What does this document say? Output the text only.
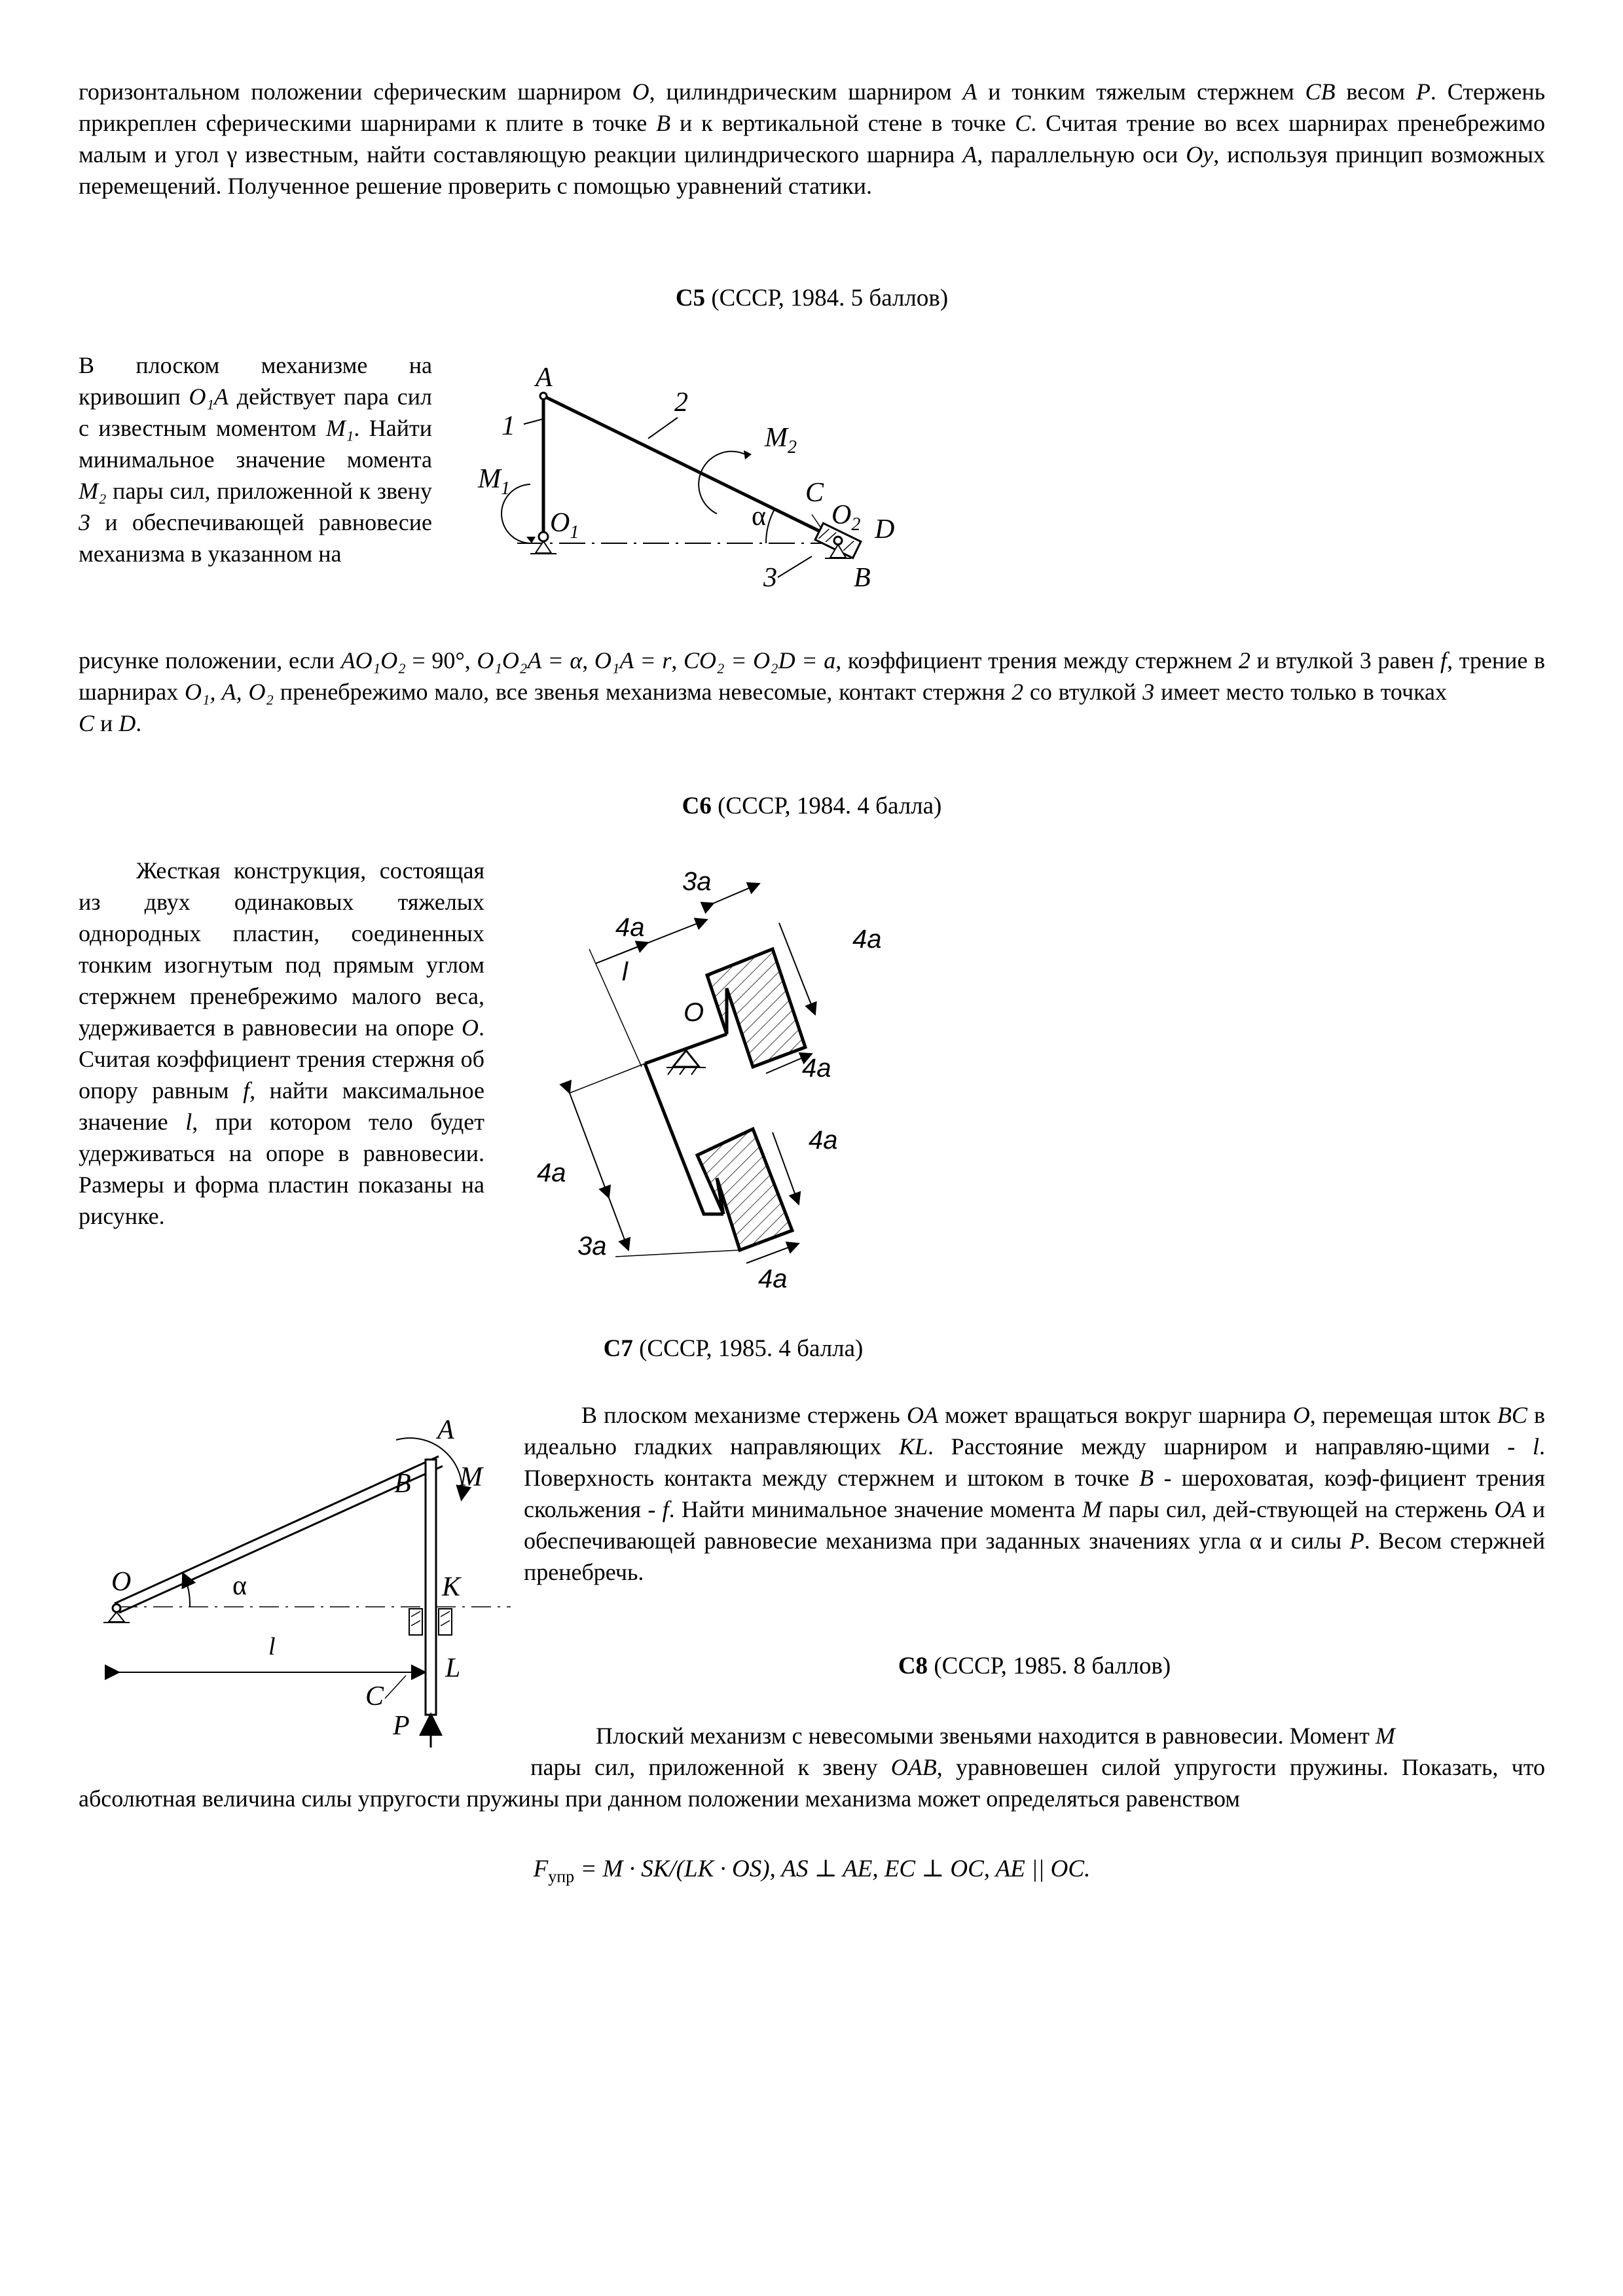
горизонтальном положении сферическим шарниром O, цилиндрическим шарниром A и тонким тяжелым стержнем CB весом P. Стержень прикреплен сферическими шарнирами к плите в точке B и к вертикальной стене в точке C. Считая трение во всех шарнирах пренебрежимо малым и угол γ известным, найти составляющую реакции цилиндрического шарнира A, параллельную оси Oy, используя принцип возможных перемещений. Полученное решение проверить с помощью уравнений статики.

С5 (СССР, 1984. 5 баллов)

В плоском механизме на кривошип O₁A действует пара сил с известным моментом M₁. Найти минимальное значение момента M₂ пары сил, приложенной к звену 3 и обеспечивающей равновесие механизма в указанном на

A
1
2
$M_1$
$M_2$
C
α
$O_1$
$O_2$ D
3	B

рисунке положении, если AO₁O₂ = 90°, O₁O₂A = α, O₁A = r, CO₂ = O₂D = a, коэффициент трения между стержнем 2 и втулкой 3 равен f, трение в шарнирах O₁, A, O₂ пренебрежимо мало, все звенья механизма невесомые, контакт стержня 2 со втулкой 3 имеет место только в точкахC и D.

С6 (СССР, 1984. 4 балла)

Жесткая конструкция, состоящая из двух одинаковых тяжелых однородных пластин, соединенных тонким изогнутым под прямым углом стержнем пренебрежимо малого веса, удерживается в равновесии на опоре O. Считая коэффициент трения стержня об опору равным f, найти максимальное значение l, при котором тело будет удерживаться на опоре в равновесии. Размеры и форма пластин показаны на рисунке.

3a
4a	4a
l
O
4a
4a
4a
3a
4a

С7 (СССР, 1985. 4 балла)

A
B M
O	α	K
l
L
C
P

В плоском механизме стержень OA может вращаться вокруг шарнира O, перемещая шток BC в идеально гладких направляющих KL. Расстояние между шарниром и направляю-щими - l. Поверхность контакта между стержнем и штоком в точке B - шероховатая, коэф-фициент трения скольжения - f. Найти минимальное значение момента M пары сил, дей-ствующей на стержень OA и обеспечивающей равновесие механизма при заданных значениях угла α и силы P. Весом стержней пренебречь.

С8 (СССР, 1985. 8 баллов)

Плоский механизм с невесомыми звеньями находится в равновесии. Момент M
пары сил, приложенной к звену OAB, уравновешен силой упругости пружины. Показать, что абсолютная величина силы упругости пружины при данном положении механизма может определяться равенством

$F_{упр} = M \cdot SK/(LK \cdot OS)$, AS ⊥ AE, EC ⊥ OC, AE || OC.
